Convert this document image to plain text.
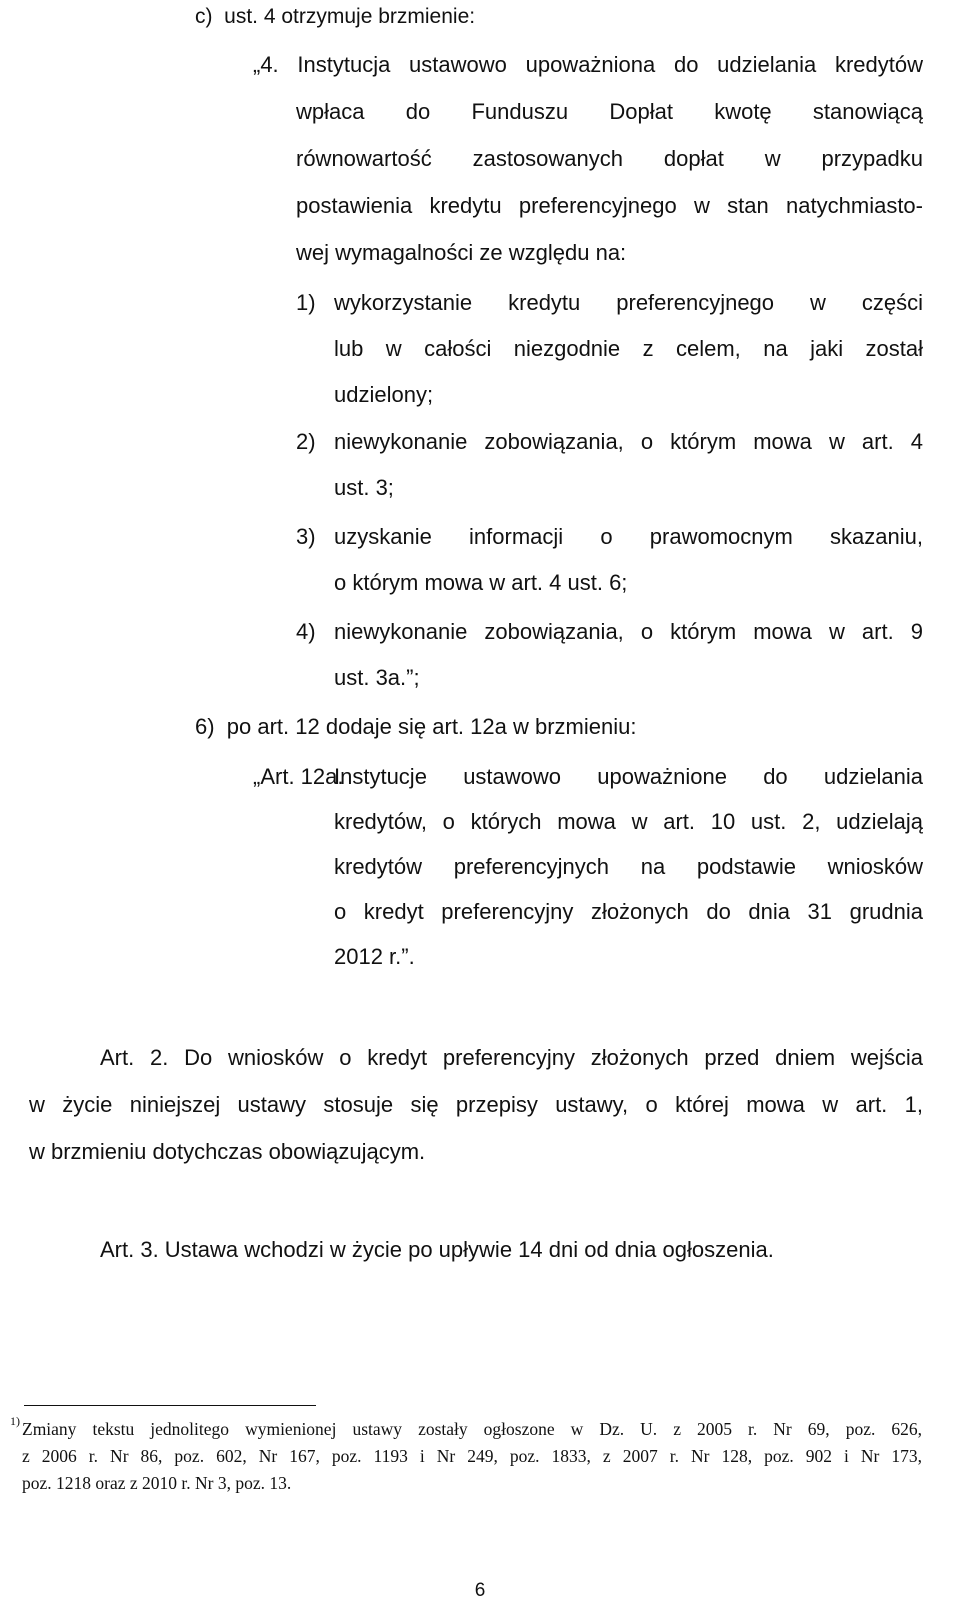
c)  ust. 4 otrzymuje brzmienie:
„4. Instytucja ustawowo upoważniona do udzielania kredytów
wpłaca do Funduszu Dopłat kwotę stanowiącą
równowartość zastosowanych dopłat w przypadku
postawienia kredytu preferencyjnego w stan natychmiasto-
wej wymagalności ze względu na:
1) wykorzystanie kredytu preferencyjnego w części
lub w całości niezgodnie z celem, na jaki został
udzielony;
2) niewykonanie zobowiązania, o którym mowa w art. 4
ust. 3;
3) uzyskanie informacji o prawomocnym skazaniu,
o którym mowa w art. 4 ust. 6;
4) niewykonanie zobowiązania, o którym mowa w art. 9
ust. 3a.”;
6)  po art. 12 dodaje się art. 12a w brzmieniu:
„Art. 12a.
Instytucje ustawowo upoważnione do udzielania
kredytów, o których mowa w art. 10 ust. 2, udzielają
kredytów preferencyjnych na podstawie wniosków
o kredyt preferencyjny złożonych do dnia 31 grudnia
2012 r.”.
Art. 2. Do wniosków o kredyt preferencyjny złożonych przed dniem wejścia
w życie niniejszej ustawy stosuje się przepisy ustawy, o której mowa w art. 1,
w brzmieniu dotychczas obowiązującym.
Art. 3. Ustawa wchodzi w życie po upływie 14 dni od dnia ogłoszenia.
1) Zmiany tekstu jednolitego wymienionej ustawy zostały ogłoszone w Dz. U. z 2005 r. Nr 69, poz. 626,
z 2006 r. Nr 86, poz. 602, Nr 167, poz. 1193 i Nr 249, poz. 1833, z 2007 r. Nr 128, poz. 902 i Nr 173,
poz. 1218 oraz z 2010 r. Nr 3, poz. 13.
6
